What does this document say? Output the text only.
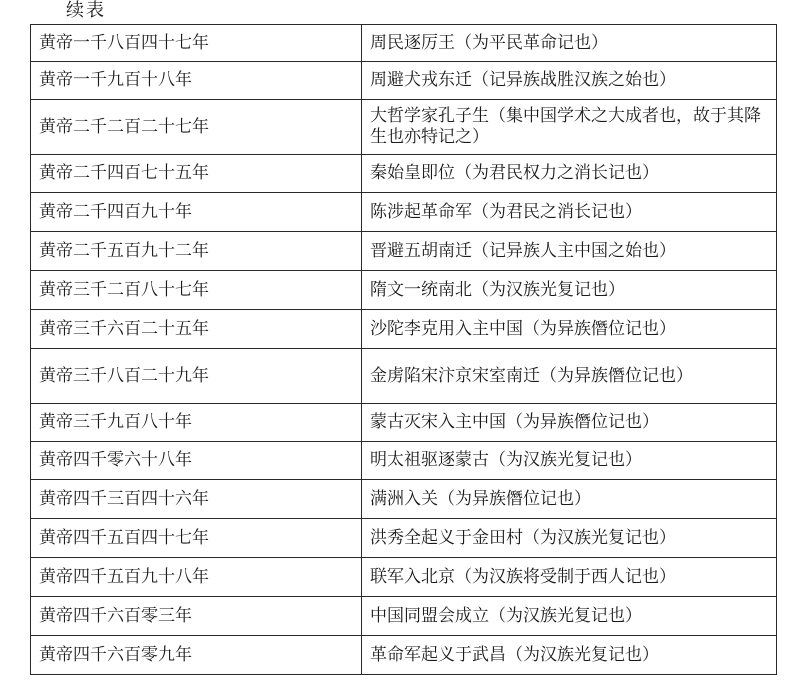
续表
黄帝一千八百四十七年	周民逐厉王（为平民革命记也）
黄帝一千九百十八年	周避犬戎东迁（记异族战胜汉族之始也）
黄帝二千二百二十七年	大哲学家孔子生（集中国学术之大成者也，故于其降生也亦特记之）
黄帝二千四百七十五年	秦始皇即位（为君民权力之消长记也）
黄帝二千四百九十年	陈涉起革命军（为君民之消长记也）
黄帝二千五百九十二年	晋避五胡南迁（记异族人主中国之始也）
黄帝三千二百八十七年	隋文一统南北（为汉族光复记也）
黄帝三千六百二十五年	沙陀李克用入主中国（为异族僭位记也）
黄帝三千八百二十九年	金虏陷宋汴京宋室南迁（为异族僭位记也）
黄帝三千九百八十年	蒙古灭宋入主中国（为异族僭位记也）
黄帝四千零六十八年	明太祖驱逐蒙古（为汉族光复记也）
黄帝四千三百四十六年	满洲入关（为异族僭位记也）
黄帝四千五百四十七年	洪秀全起义于金田村（为汉族光复记也）
黄帝四千五百九十八年	联军入北京（为汉族将受制于西人记也）
黄帝四千六百零三年	中国同盟会成立（为汉族光复记也）
黄帝四千六百零九年	革命军起义于武昌（为汉族光复记也）
